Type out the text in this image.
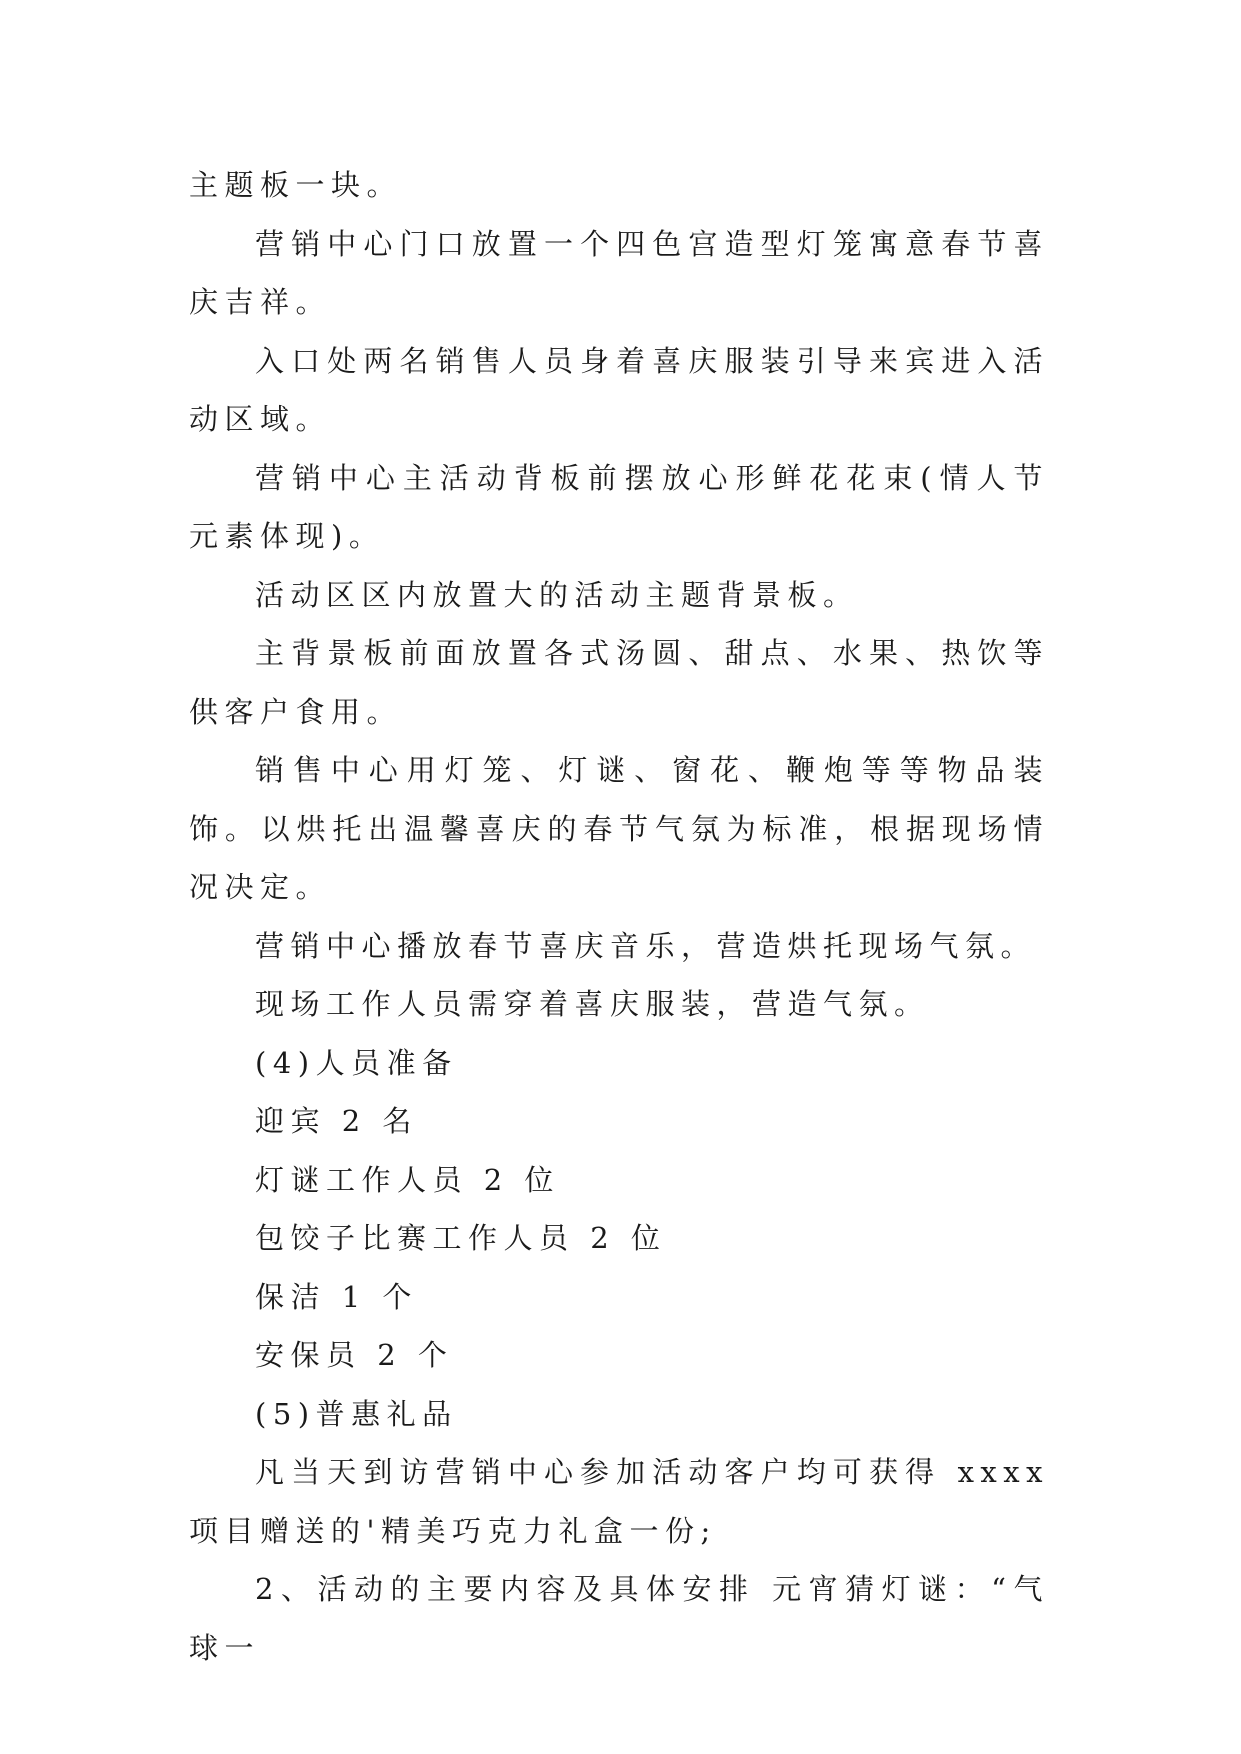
主题板一块。

营销中心门口放置一个四色宫造型灯笼寓意春节喜庆吉祥。

入口处两名销售人员身着喜庆服装引导来宾进入活动区域。

营销中心主活动背板前摆放心形鲜花花束(情人节元素体现)。

活动区区内放置大的活动主题背景板。

主背景板前面放置各式汤圆、甜点、水果、热饮等供客户食用。

销售中心用灯笼、灯谜、窗花、鞭炮等等物品装饰。以烘托出温馨喜庆的春节气氛为标准，根据现场情况决定。

营销中心播放春节喜庆音乐，营造烘托现场气氛。

现场工作人员需穿着喜庆服装，营造气氛。

(4)人员准备

迎宾 2 名

灯谜工作人员 2 位

包饺子比赛工作人员 2 位

保洁 1 个

安保员 2 个

(5)普惠礼品

凡当天到访营销中心参加活动客户均可获得 xxxx 项目赠送的'精美巧克力礼盒一份;

2、活动的主要内容及具体安排 元宵猜灯谜：“气球一
